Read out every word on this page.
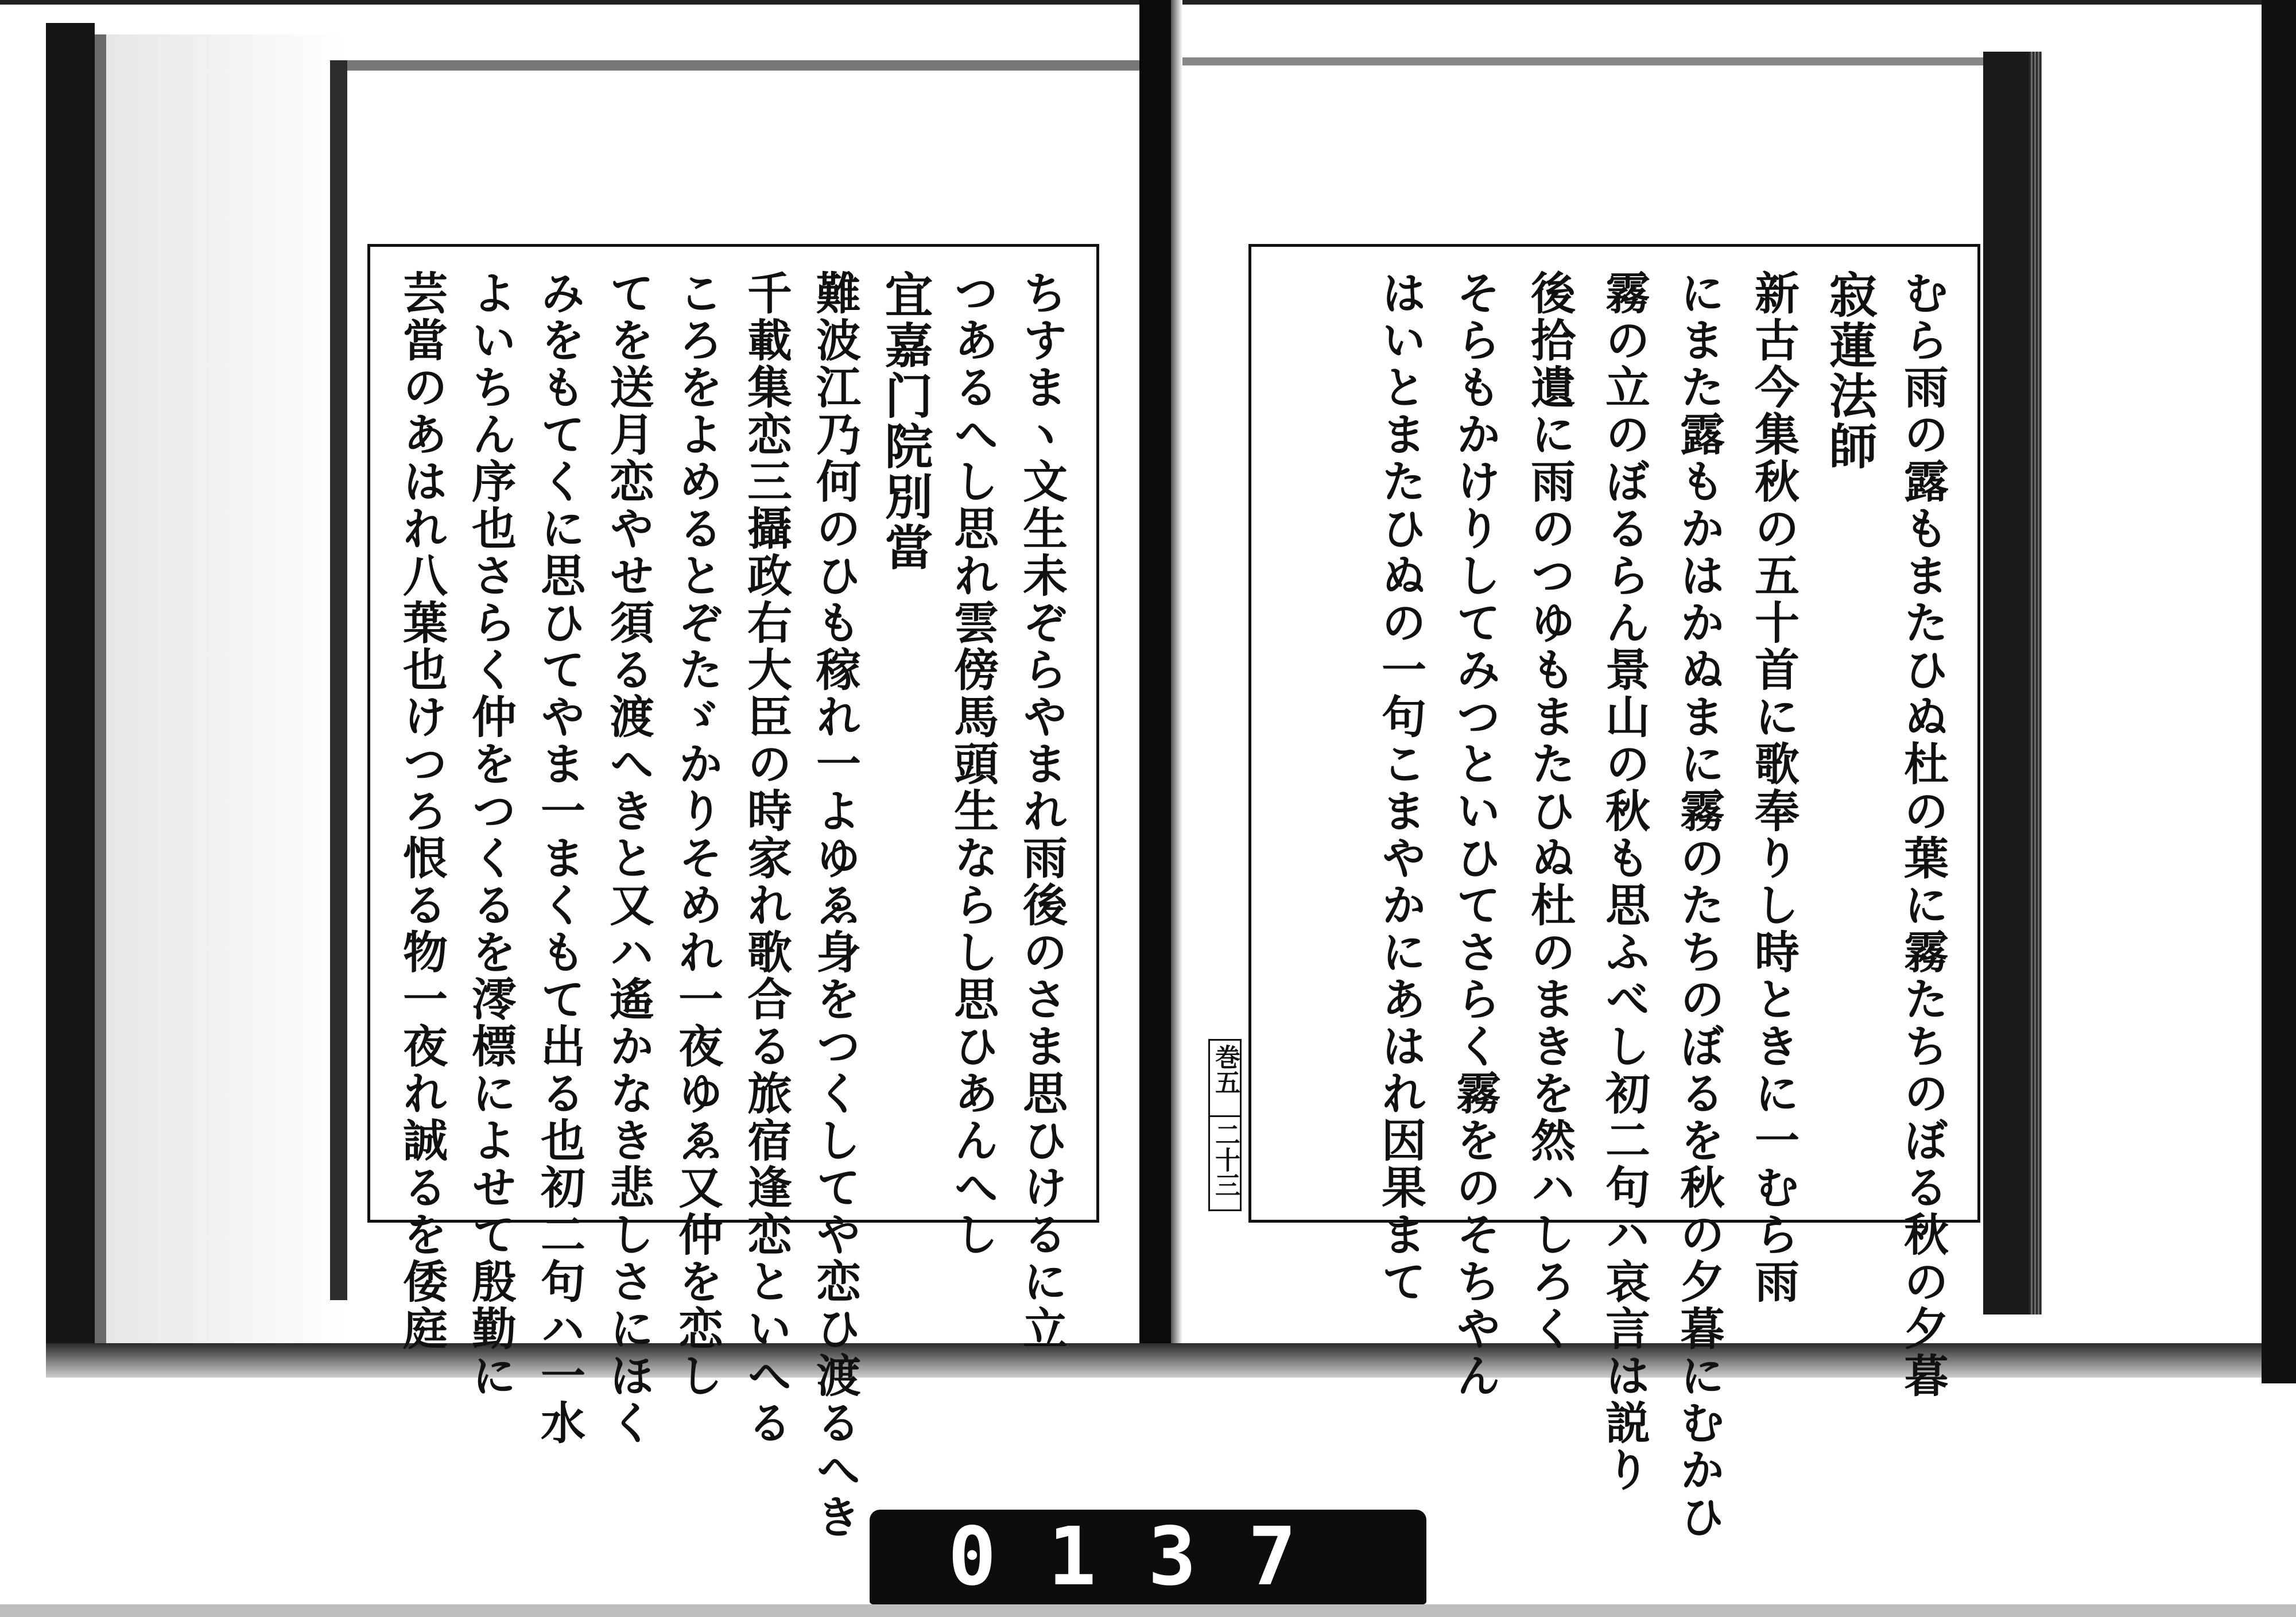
ちすまヽ文生未ぞらやまれ雨後のさま思ひけるに立
つあるへし思れ雲傍馬頭生ならし思ひあんへし
宜嘉门院別當
難波江乃何のひも稼れ一よゆゑ身をつくしてや恋ひ渡るへき
千載集恋三攝政右大臣の時家れ歌合る旅宿逢恋といへる
ころをよめるとぞたゞかりそめれ一夜ゆゑ又仲を恋し
てを送月恋やせ須る渡へきと又ハ遙かなき悲しさにほく
みをもてくに思ひてやま一まくもて出る也初二句ハ一水
よいちん序也さらく仲をつくるを澪標によせて殷勤に
芸當のあはれ八葉也けつろ恨る物一夜れ誠るを倭庭	むら雨の露もまたひぬ杜の葉に霧たちのぼる秋の夕暮
寂蓮法師
新古今集秋の五十首に歌奉りし時ときに一むら雨
にまた露もかはかぬまに霧のたちのぼるを秋の夕暮にむかひ
霧の立のぼるらん景山の秋も思ふべし初二句ハ哀言は説り
後拾遺に雨のつゆもまたひぬ杜のまきを然ハしろく
そらもかけりしてみつといひてさらく霧をのそちやん
はいとまたひぬの一句こまやかにあはれ因果まて
巻五
二十三
0137
